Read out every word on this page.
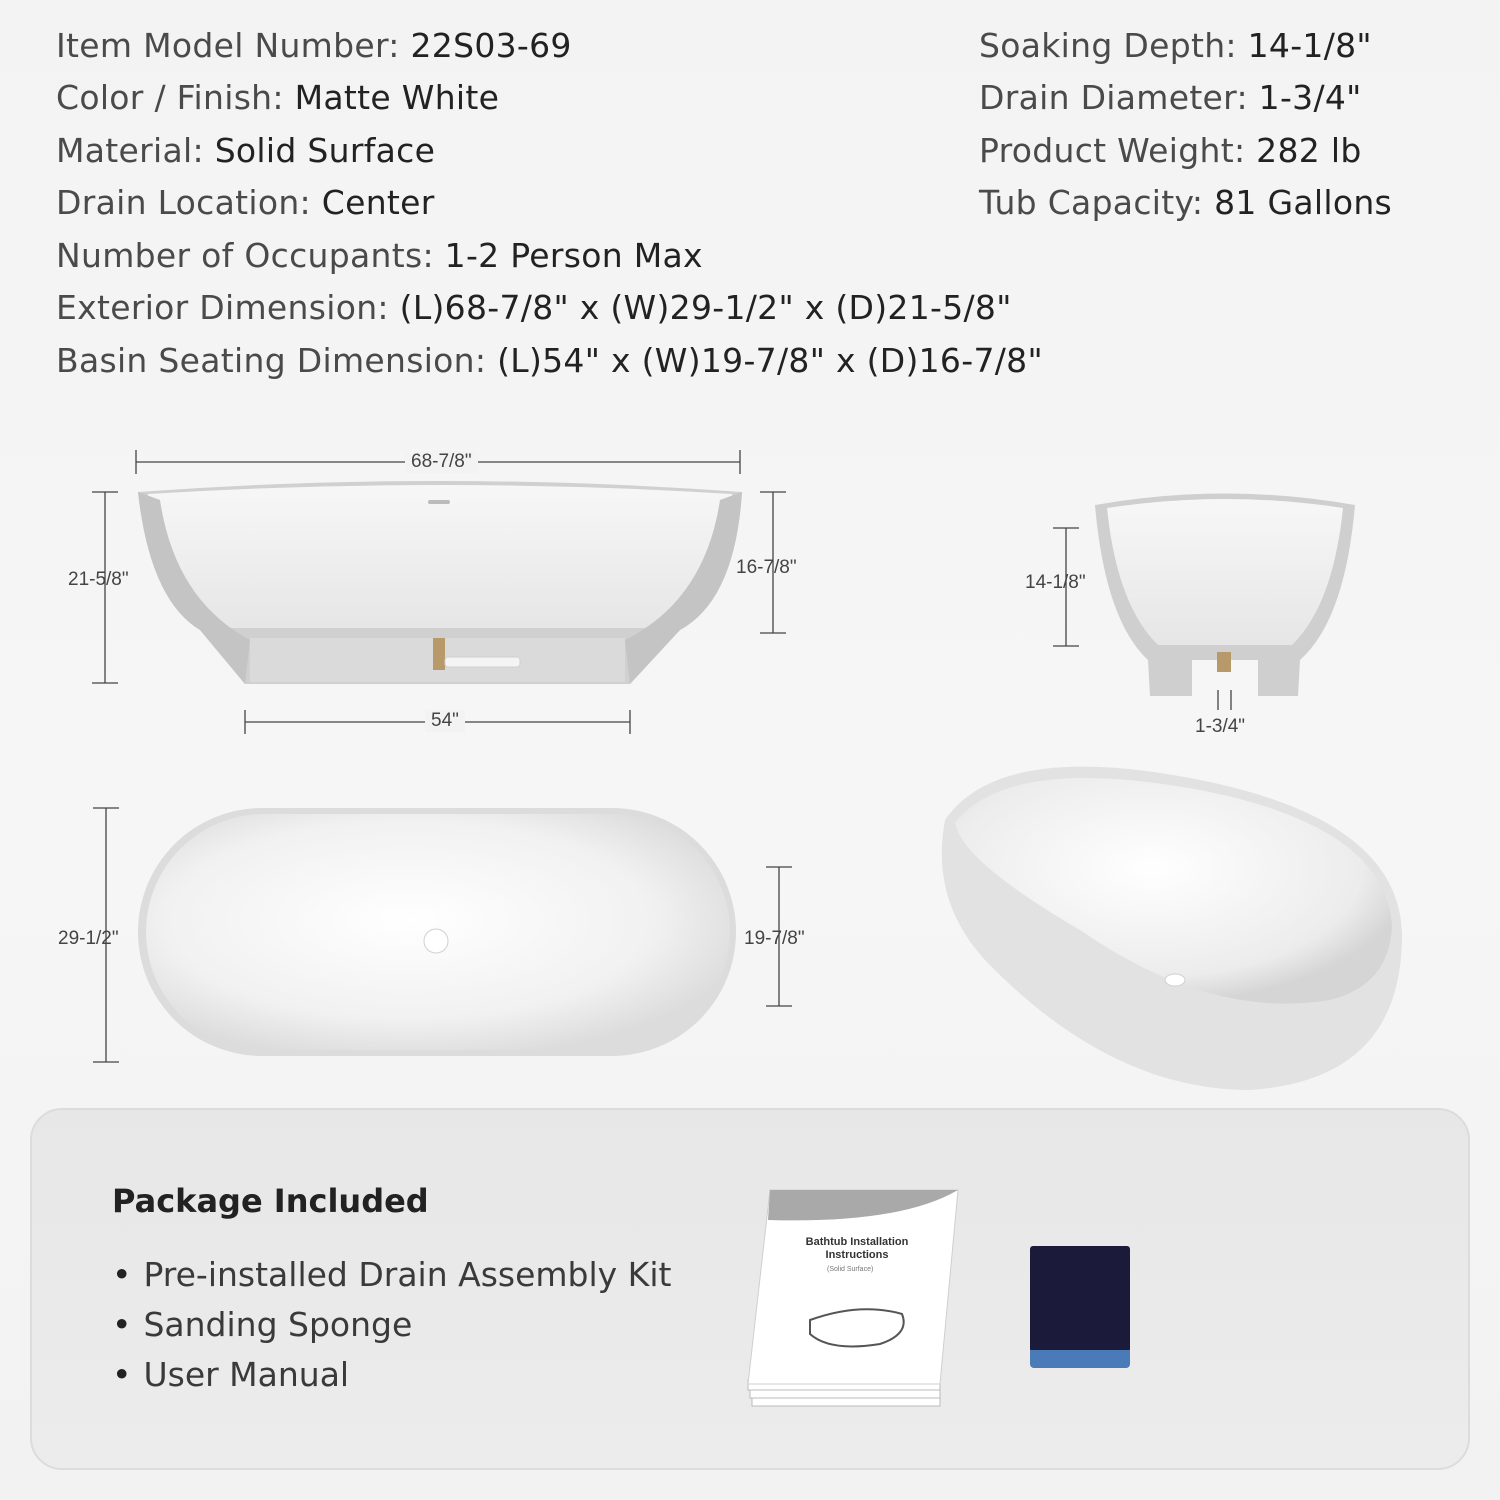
Item Model Number: 22S03-69
Color / Finish: Matte White
Material: Solid Surface
Drain Location: Center
Number of Occupants: 1-2 Person Max
Exterior Dimension: (L)68-7/8" x (W)29-1/2" x (D)21-5/8"
Basin Seating Dimension: (L)54" x (W)19-7/8" x (D)16-7/8"
Soaking Depth: 14-1/8"
Drain Diameter: 1-3/4"
Product Weight: 282 lb
Tub Capacity: 81 Gallons
68-7/8"
21-5/8"
16-7/8"
54"
14-1/8"
1-3/4"
29-1/2"	19-7/8"
Package Included
• Pre-installed Drain Assembly Kit
• Sanding Sponge
• User Manual
Bathtub Installation Instructions
(Solid Surface)
